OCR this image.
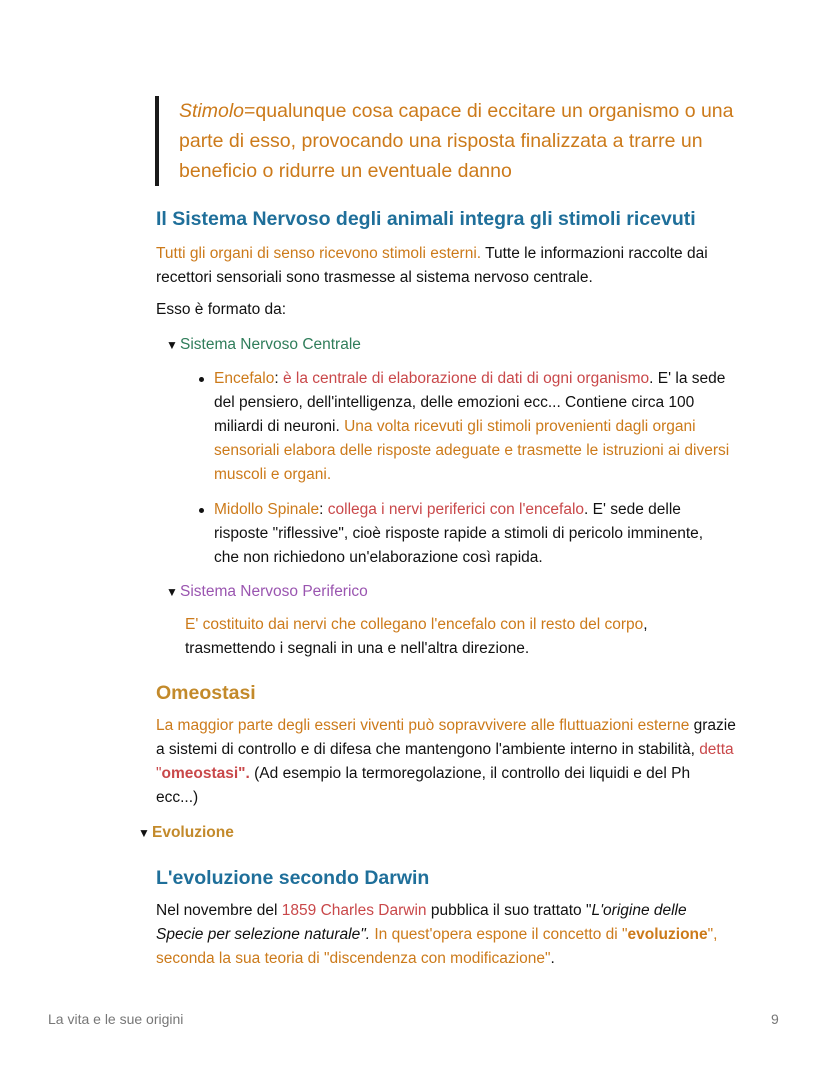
Stimolo=qualunque cosa capace di eccitare un organismo o una parte di esso, provocando una risposta finalizzata a trarre un beneficio o ridurre un eventuale danno
Il Sistema Nervoso degli animali integra gli stimoli ricevuti
Tutti gli organi di senso ricevono stimoli esterni. Tutte le informazioni raccolte dai recettori sensoriali sono trasmesse al sistema nervoso centrale.
Esso è formato da:
▼ Sistema Nervoso Centrale
Encefalo: è la centrale di elaborazione di dati di ogni organismo. E' la sede del pensiero, dell'intelligenza, delle emozioni ecc... Contiene circa 100 miliardi di neuroni. Una volta ricevuti gli stimoli provenienti dagli organi sensoriali elabora delle risposte adeguate e trasmette le istruzioni ai diversi muscoli e organi.
Midollo Spinale: collega i nervi periferici con l'encefalo. E' sede delle risposte "riflessive", cioè risposte rapide a stimoli di pericolo imminente, che non richiedono un'elaborazione così rapida.
▼ Sistema Nervoso Periferico
E' costituito dai nervi che collegano l'encefalo con il resto del corpo, trasmettendo i segnali in una e nell'altra direzione.
Omeostasi
La maggior parte degli esseri viventi può sopravvivere alle fluttuazioni esterne grazie a sistemi di controllo e di difesa che mantengono l'ambiente interno in stabilità, detta "omeostasi". (Ad esempio la termoregolazione, il controllo dei liquidi e del Ph ecc...)
▼ Evoluzione
L'evoluzione secondo Darwin
Nel novembre del 1859 Charles Darwin pubblica il suo trattato "L'origine delle Specie per selezione naturale". In quest'opera espone il concetto di "evoluzione", seconda la sua teoria di "discendenza con modificazione".
La vita e le sue origini	9
